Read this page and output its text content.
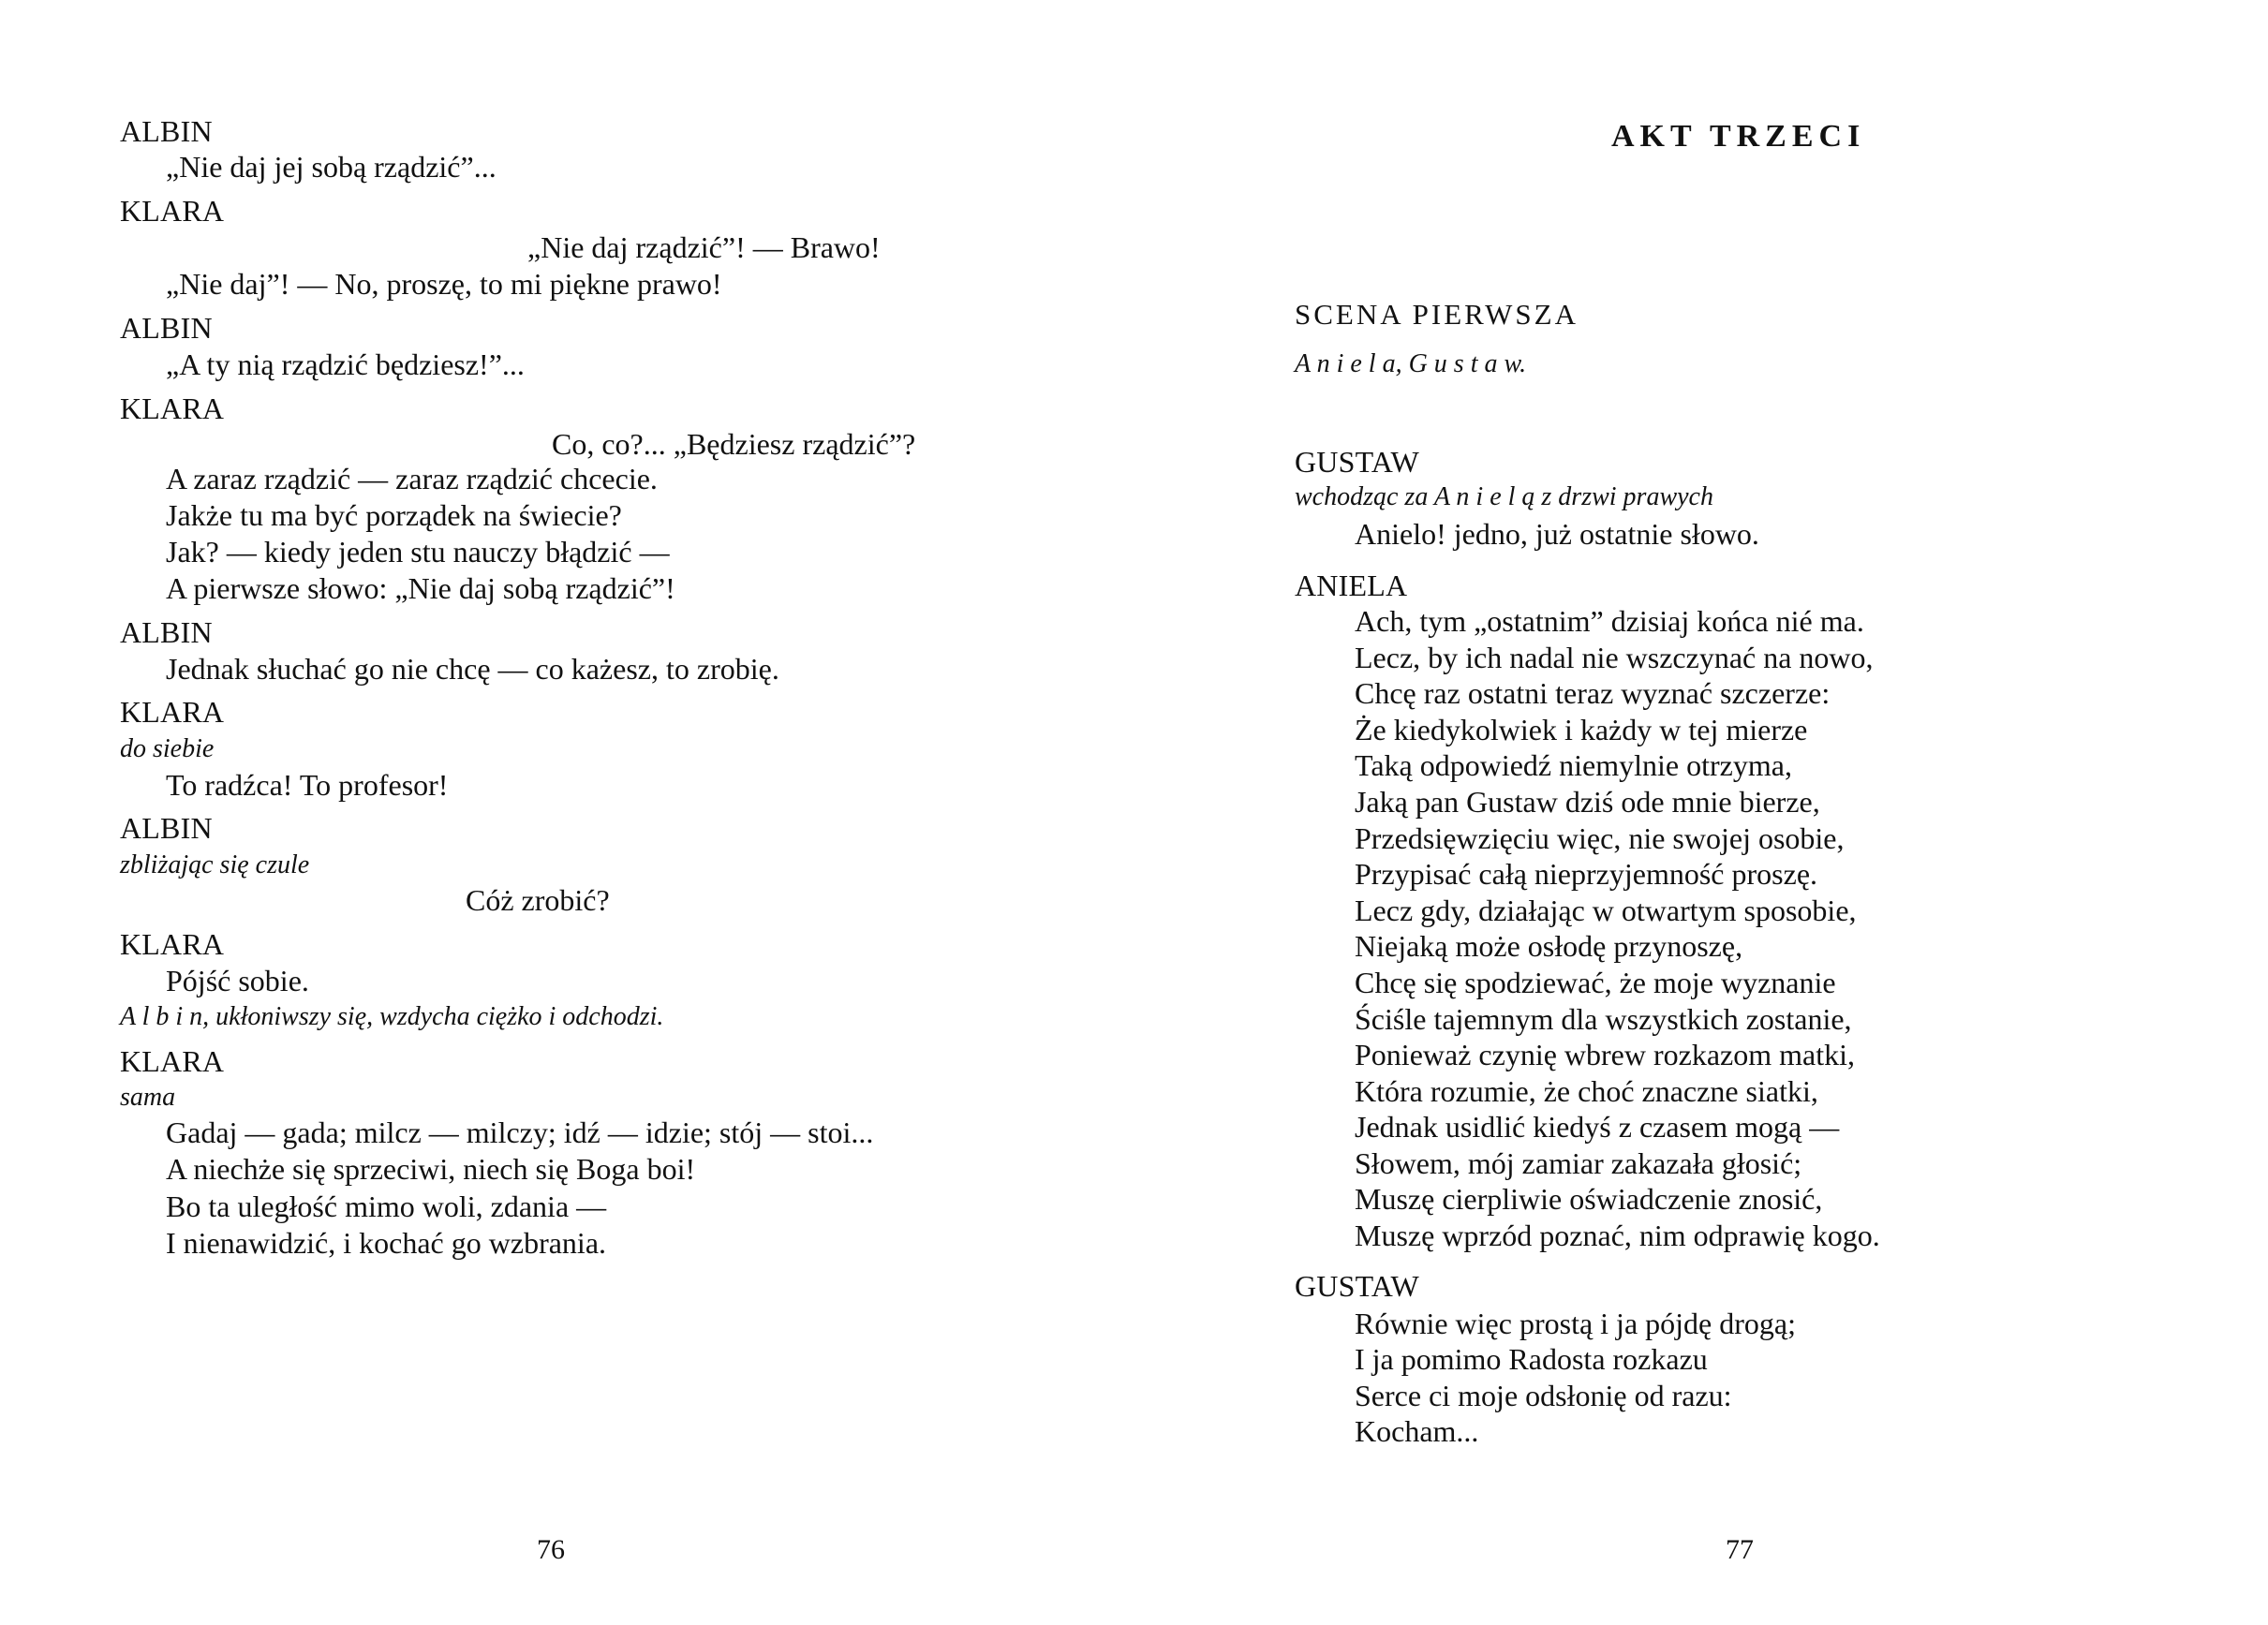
76
ALBIN
„Nie daj jej sobą rządzić”...
KLARA
„Nie daj rządzić”! — Brawo!
„Nie daj”! — No, proszę, to mi piękne prawo!
ALBIN
„A ty nią rządzić będziesz!”...
KLARA
Co, co?... „Będziesz rządzić”?
A zaraz rządzić — zaraz rządzić chcecie.
Jakże tu ma być porządek na świecie?
Jak? — kiedy jeden stu nauczy błądzić —
A pierwsze słowo: „Nie daj sobą rządzić”!
ALBIN
Jednak słuchać go nie chcę — co każesz, to zrobię.
KLARA
do siebie
To radźca! To profesor!
ALBIN
zbliżając się czule
Cóż zrobić?
KLARA
Pójść sobie.
A l b i n, ukłoniwszy się, wzdycha ciężko i odchodzi.
KLARA
sama
Gadaj — gada; milcz — milczy; idź — idzie; stój — stoi...
A niechże się sprzeciwi, niech się Boga boi!
Bo ta uległość mimo woli, zdania —
I nienawidzić, i kochać go wzbrania.
AKT TRZECI
SCENA PIERWSZA
A n i e l a, G u s t a w.
77
GUSTAW
wchodząc za A n i e l ą z drzwi prawych
Anielo! jedno, już ostatnie słowo.
ANIELA
Ach, tym „ostatnim” dzisiaj końca nié ma.
Lecz, by ich nadal nie wszczynać na nowo,
Chcę raz ostatni teraz wyznać szczerze:
Że kiedykolwiek i każdy w tej mierze
Taką odpowiedź niemylnie otrzyma,
Jaką pan Gustaw dziś ode mnie bierze,
Przedsięwzięciu więc, nie swojej osobie,
Przypisać całą nieprzyjemność proszę.
Lecz gdy, działając w otwartym sposobie,
Niejaką może osłodę przynoszę,
Chcę się spodziewać, że moje wyznanie
Ściśle tajemnym dla wszystkich zostanie,
Ponieważ czynię wbrew rozkazom matki,
Która rozumie, że choć znaczne siatki,
Jednak usidlić kiedyś z czasem mogą —
Słowem, mój zamiar zakazała głosić;
Muszę cierpliwie oświadczenie znosić,
Muszę wprzód poznać, nim odprawię kogo.
GUSTAW
Równie więc prostą i ja pójdę drogą;
I ja pomimo Radosta rozkazu
Serce ci moje odsłonię od razu:
Kocham...
